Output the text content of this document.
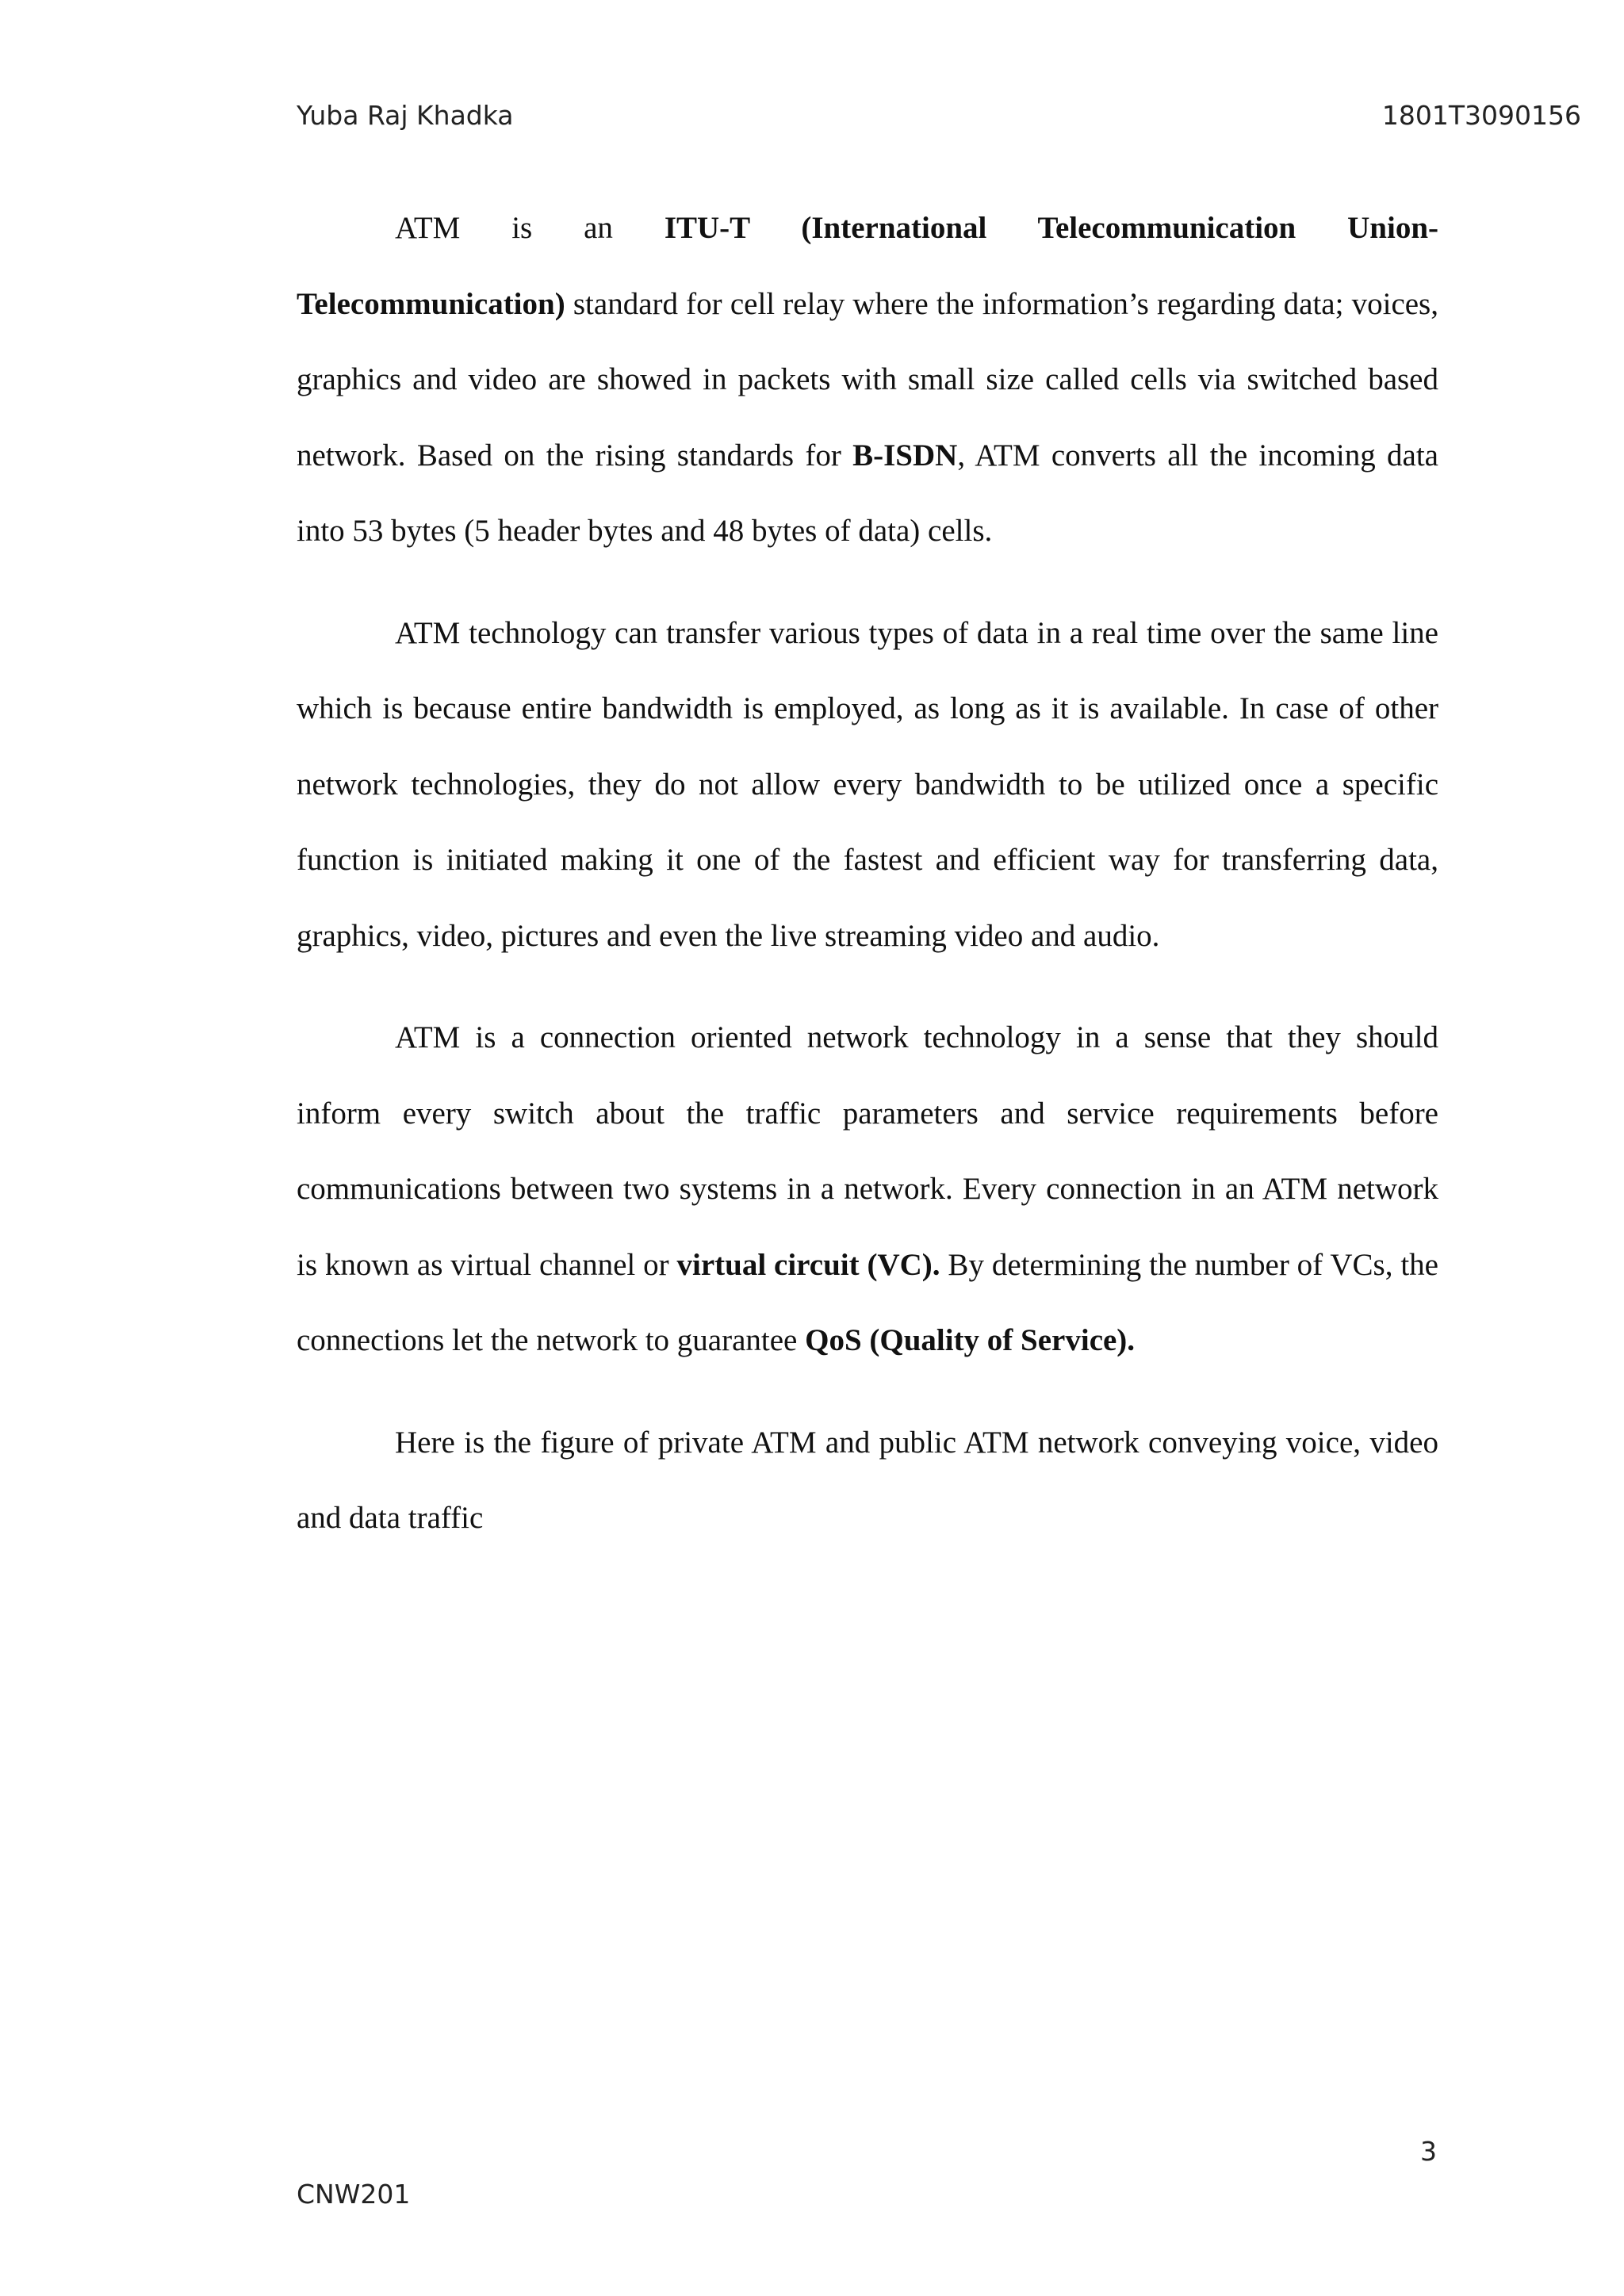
Yuba Raj Khadka	1801T3090156

ATM is an ITU-T (International Telecommunication Union-Telecommunication) standard for cell relay where the information’s regarding data; voices, graphics and video are showed in packets with small size called cells via switched based network. Based on the rising standards for B-ISDN, ATM converts all the incoming data into 53 bytes (5 header bytes and 48 bytes of data) cells.

ATM technology can transfer various types of data in a real time over the same line which is because entire bandwidth is employed, as long as it is available. In case of other network technologies, they do not allow every bandwidth to be utilized once a specific function is initiated making it one of the fastest and efficient way for transferring data, graphics, video, pictures and even the live streaming video and audio.

ATM is a connection oriented network technology in a sense that they should inform every switch about the traffic parameters and service requirements before communications between two systems in a network. Every connection in an ATM network is known as virtual channel or virtual circuit (VC). By determining the number of VCs, the connections let the network to guarantee QoS (Quality of Service).

Here is the figure of private ATM and public ATM network conveying voice, video and data traffic

3
CNW201
